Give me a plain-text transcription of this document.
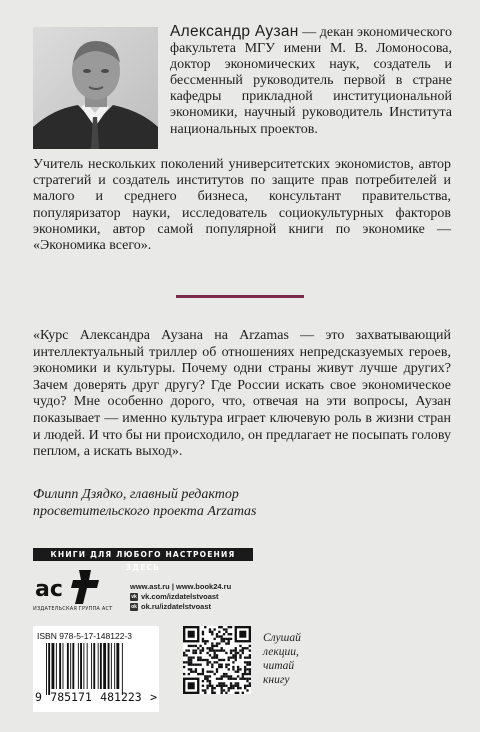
Александр Аузан — декан экономического факультета МГУ имени М. В. Ломоносова, доктор экономических наук, создатель и бессменный руководитель первой в стране кафедры прикладной институциональной экономики, научный руководитель Института национальных проектов.
Учитель нескольких поколений университетских экономистов, автор стратегий и создатель институтов по защите прав потребителей и малого и среднего бизнеса, консультант правительства, популяризатор науки, исследователь социокультурных факторов экономики, автор самой популярной книги по экономике — «Экономика всего».
«Курс Александра Аузана на Arzamas — это захватывающий интеллектуальный триллер об отношениях непредсказуемых героев, экономики и культуры. Почему одни страны живут лучше других? Зачем доверять друг другу? Где России искать свое экономическое чудо? Мне особенно дорого, что, отвечая на эти вопросы, Аузан показывает — именно культура играет ключевую роль в жизни стран и людей. И что бы ни происходило, он предлагает не посыпать голову пеплом, а искать выход».
Филипп Дзядко, главный редактор
просветительского проекта Arzamas
КНИГИ ДЛЯ ЛЮБОГО НАСТРОЕНИЯ ЗДЕСЬ
ac
ИЗДАТЕЛЬСКАЯ ГРУППА АСТ
www.ast.ru | www.book24.ru
vk vk.com/izdatelstvoast
ok ok.ru/izdatelstvoast
ISBN 978-5-17-148122-3
9 785171 481223 >
Слушай
лекции,
читай
книгу
